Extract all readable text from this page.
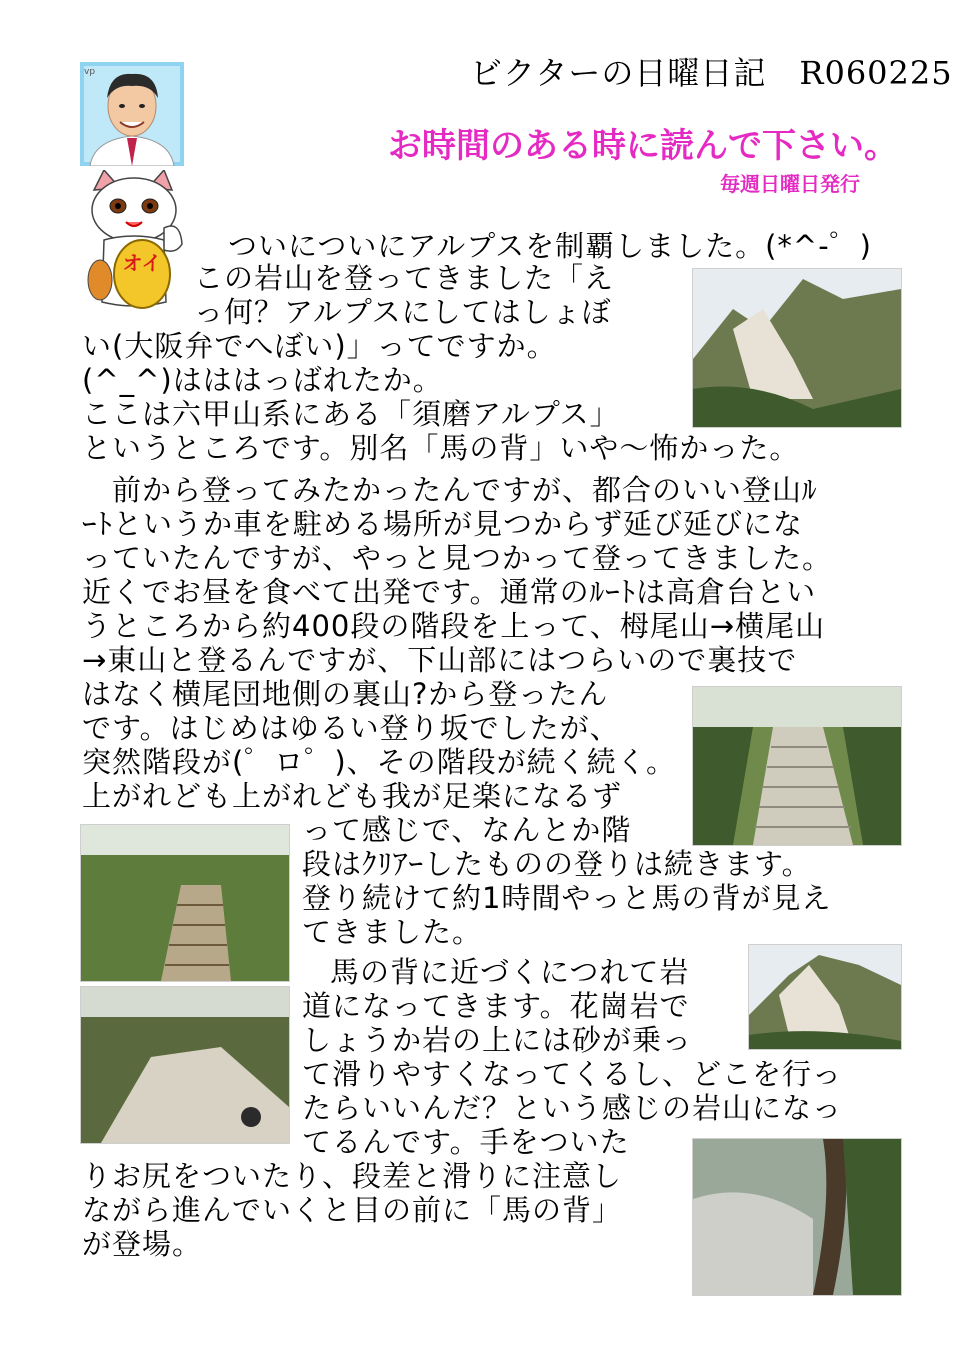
vp
オイ
ビクターの日曜日記　R060225
お時間のある時に読んで下さい。
毎週日曜日発行
ついについにアルプスを制覇しました。(*^-゜)
この岩山を登ってきました「え
っ何？アルプスにしてはしょぼ
い(大阪弁でへぼい)」ってですか。
(^_^)はははっばれたか。
ここは六甲山系にある「須磨アルプス」
というところです。別名「馬の背」いや～怖かった。
前から登ってみたかったんですが、都合のいい登山ﾙ
ｰﾄというか車を駐める場所が見つからず延び延びにな
っていたんですが、やっと見つかって登ってきました。
近くでお昼を食べて出発です。通常のﾙｰﾄは高倉台とい
うところから約400段の階段を上って、栂尾山→横尾山
→東山と登るんですが、下山部にはつらいので裏技で
はなく横尾団地側の裏山?から登ったん
です。はじめはゆるい登り坂でしたが、
突然階段が(゜ロ゜)、その階段が続く続く。
上がれども上がれども我が足楽になるず
って感じで、なんとか階
段はｸﾘｱｰしたものの登りは続きます。
登り続けて約1時間やっと馬の背が見え
てきました。
馬の背に近づくにつれて岩
道になってきます。花崗岩で
しょうか岩の上には砂が乗っ
て滑りやすくなってくるし、どこを行っ
たらいいんだ？という感じの岩山になっ
てるんです。手をついた
りお尻をついたり、段差と滑りに注意し
ながら進んでいくと目の前に「馬の背」
が登場。
